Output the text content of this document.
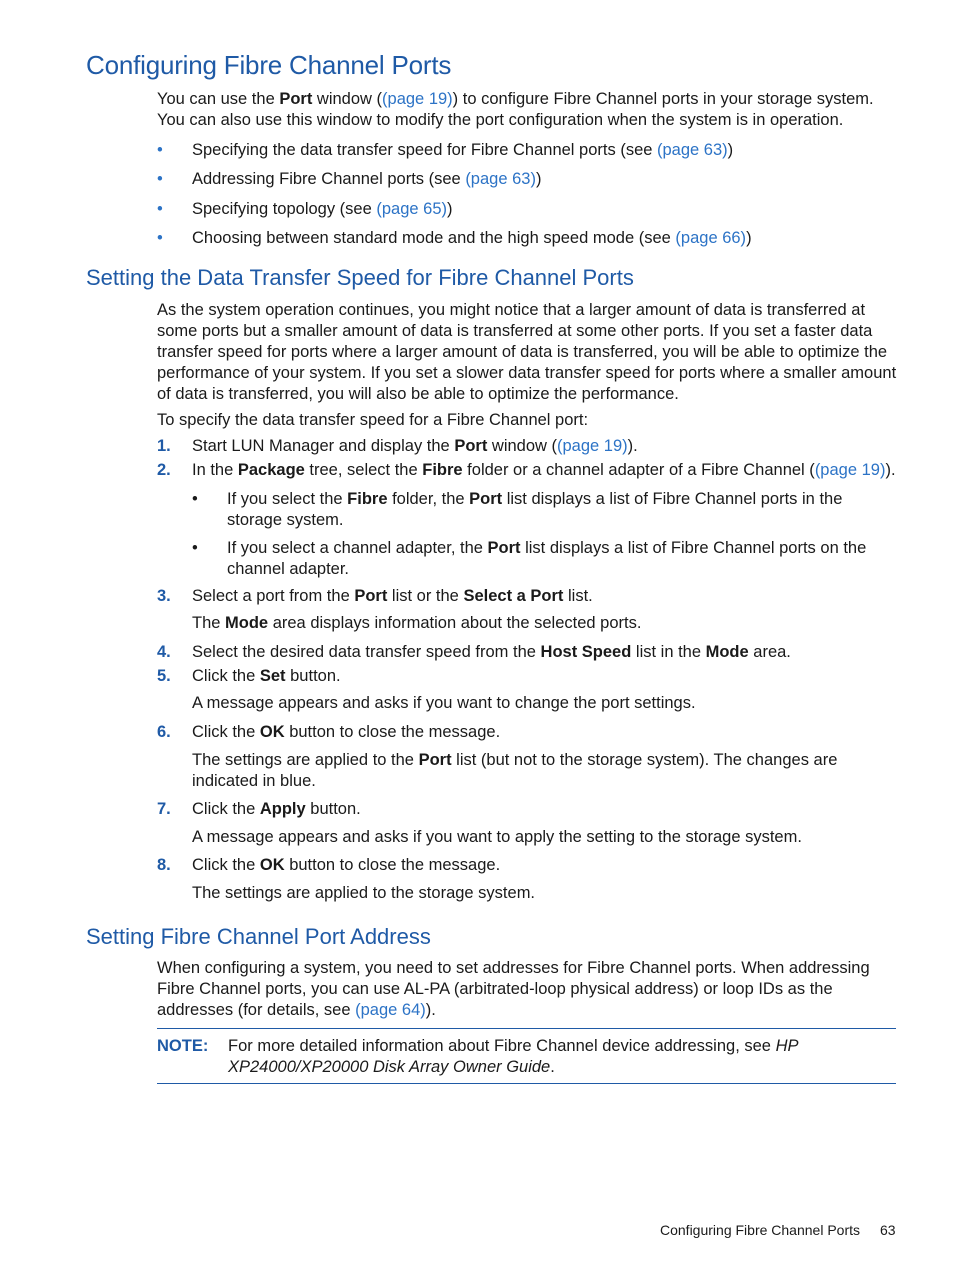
Configuring Fibre Channel Ports

You can use the Port window ((page 19)) to configure Fibre Channel ports in your storage system. You can also use this window to modify the port configuration when the system is in operation.

• Specifying the data transfer speed for Fibre Channel ports (see (page 63))
• Addressing Fibre Channel ports (see (page 63))
• Specifying topology (see (page 65))
• Choosing between standard mode and the high speed mode (see (page 66))
Setting the Data Transfer Speed for Fibre Channel Ports

As the system operation continues, you might notice that a larger amount of data is transferred at some ports but a smaller amount of data is transferred at some other ports. If you set a faster data transfer speed for ports where a larger amount of data is transferred, you will be able to optimize the performance of your system. If you set a slower data transfer speed for ports where a smaller amount of data is transferred, you will also be able to optimize the performance.

To specify the data transfer speed for a Fibre Channel port:

1. Start LUN Manager and display the Port window ((page 19)).
2. In the Package tree, select the Fibre folder or a channel adapter of a Fibre Channel ((page 19)).
• If you select the Fibre folder, the Port list displays a list of Fibre Channel ports in the storage system.
• If you select a channel adapter, the Port list displays a list of Fibre Channel ports on the channel adapter.
3. Select a port from the Port list or the Select a Port list.
The Mode area displays information about the selected ports.
4. Select the desired data transfer speed from the Host Speed list in the Mode area.
5. Click the Set button.
A message appears and asks if you want to change the port settings.
6. Click the OK button to close the message.
The settings are applied to the Port list (but not to the storage system). The changes are indicated in blue.
7. Click the Apply button.
A message appears and asks if you want to apply the setting to the storage system.
8. Click the OK button to close the message.
The settings are applied to the storage system.
Setting Fibre Channel Port Address

When configuring a system, you need to set addresses for Fibre Channel ports. When addressing Fibre Channel ports, you can use AL-PA (arbitrated-loop physical address) or loop IDs as the addresses (for details, see (page 64)).

NOTE: For more detailed information about Fibre Channel device addressing, see HP XP24000/XP20000 Disk Array Owner Guide.
Configuring Fibre Channel Ports 63
